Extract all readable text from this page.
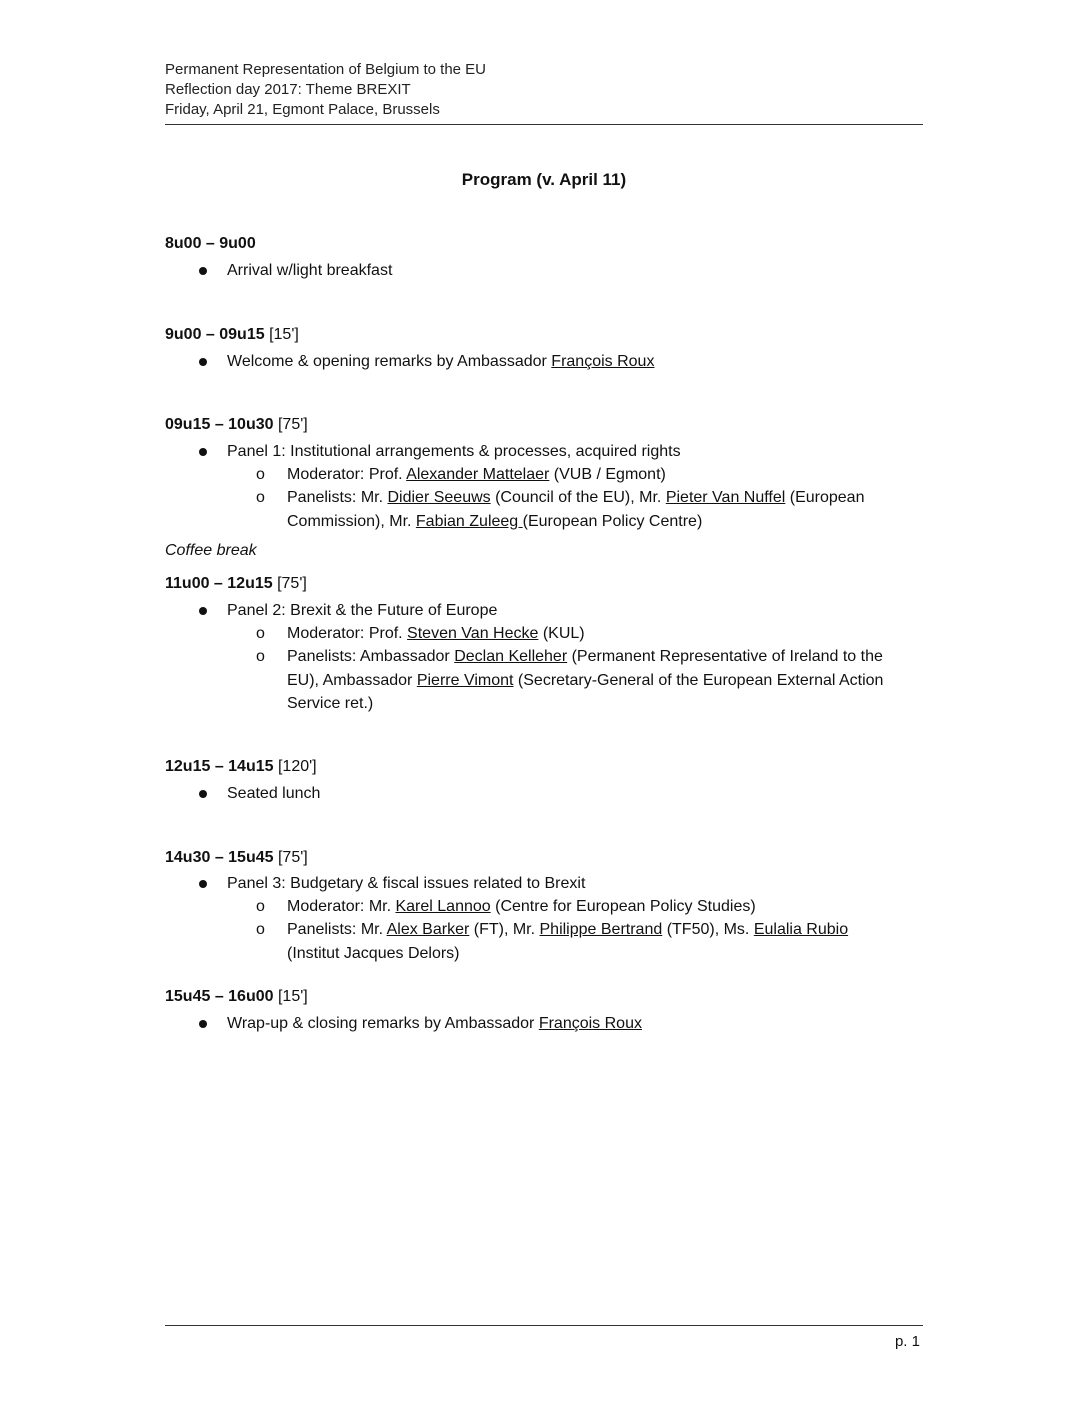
Permanent Representation of Belgium to the EU
Reflection day 2017: Theme BREXIT
Friday, April 21, Egmont Palace, Brussels
Program (v. April 11)
8u00 – 9u00
Arrival w/light breakfast
9u00 – 09u15 [15']
Welcome & opening remarks by Ambassador François Roux
09u15 – 10u30 [75']
Panel 1: Institutional arrangements & processes, acquired rights
o Moderator: Prof. Alexander Mattelaer (VUB / Egmont)
o Panelists: Mr. Didier Seeuws (Council of the EU), Mr. Pieter Van Nuffel (European
Commission), Mr. Fabian Zuleeg (European Policy Centre)
Coffee break
11u00 – 12u15 [75']
Panel 2: Brexit & the Future of Europe
o Moderator: Prof. Steven Van Hecke (KUL)
o Panelists: Ambassador Declan Kelleher (Permanent Representative of Ireland to the
EU), Ambassador Pierre Vimont (Secretary-General of the European External Action
Service ret.)
12u15 – 14u15 [120']
Seated lunch
14u30 – 15u45 [75']
Panel 3: Budgetary & fiscal issues related to Brexit
o Moderator: Mr. Karel Lannoo (Centre for European Policy Studies)
o Panelists: Mr. Alex Barker (FT), Mr. Philippe Bertrand (TF50), Ms. Eulalia Rubio
(Institut Jacques Delors)
15u45 – 16u00 [15']
Wrap-up & closing remarks by Ambassador François Roux
p. 1
